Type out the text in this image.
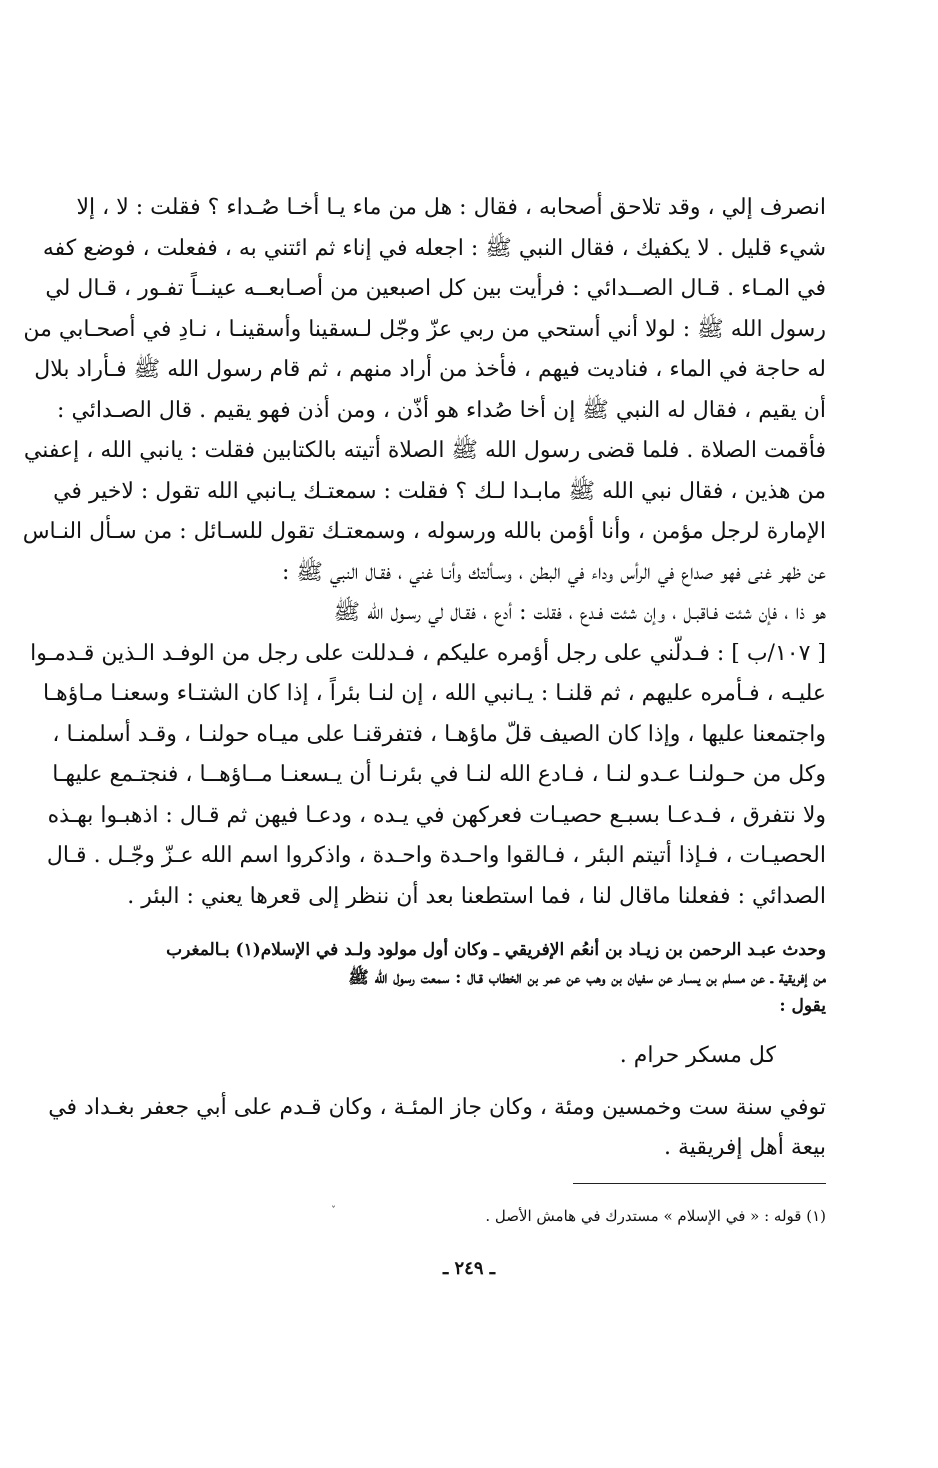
انصرف إلي ، وقد تلاحق أصحابه ، فقال : هل من ماء يـا أخـا صُـداء ؟ فقلت : لا ، إلا
شيء قليل . لا يكفيك ، فقال النبي ﷺ : اجعله في إناء ثم ائتني به ، ففعلت ، فوضع كفه
في المـاء . قـال الصــدائي : فرأيت بين كل اصبعين من أصـابعــه عينــاً تفـور ، قـال لي
رسول الله ﷺ : لولا أني أستحي من ربي عزّ وجّل لـسقينا وأسقينـا ، نـادِ في أصحـابي من
له حاجة في الماء ، فناديت فيهم ، فأخذ من أراد منهم ، ثم قام رسول الله ﷺ فـأراد بلال
أن يقيم ، فقال له النبي ﷺ إن أخا صُداء هو أذّن ، ومن أذن فهو يقيم . قال الصـدائي :
فأقمت الصلاة . فلما قضى رسول الله ﷺ الصلاة أتيته بالكتابين فقلت : يانبي الله ، إعفني
من هذين ، فقال نبي الله ﷺ مابـدا لـك ؟ فقلت : سمعتـك يـانبي الله تقول : لاخير في
الإمارة لرجل مؤمن ، وأنا أؤمن بالله ورسوله ، وسمعتـك تقول للسـائل : من سـأل النـاس
عن ظهر غنى فهو صداع في الرأس وداء في البطن ، وسـألتك وأنـا غني ، فقـال النبي ﷺ :
هو ذا ، فإن شئت فـاقبـل ، وإن شئت فـدع ، فقلت : أدع ، فقـال لي رسـول الله ﷺ
[ ١٠٧/ب ] : فـدلّني على رجل أؤمره عليكم ، فـدللت على رجل من الوفـد الـذين قـدمـوا
عليـه ، فـأمره عليهم ، ثم قلنـا : يـانبي الله ، إن لنـا بئراً ، إذا كان الشتـاء وسعنـا مـاؤهـا
واجتمعنا عليها ، وإذا كان الصيف قلّ ماؤهـا ، فتفرقنـا على ميـاه حولنـا ، وقـد أسلمنـا ،
وكل من حـولنـا عـدو لنـا ، فـادع الله لنـا في بئرنـا أن يـسعنـا مــاؤهــا ، فنجتـمع عليهـا
ولا نتفرق ، فـدعـا بسبـع حصيـات فعركهن في يـده ، ودعـا فيهن ثم قـال : اذهبـوا بهـذه
الحصيـات ، فـإذا أتيتم البئر ، فـالقوا واحـدة واحـدة ، واذكروا اسم الله عـزّ وجّـل . قـال
الصدائي : ففعلنا ماقال لنا ، فما استطعنا بعد أن ننظر إلى قعرها يعني : البئر .
وحدث عبـد الرحمن بن زيـاد بن أنعُم الإفريقي ـ وكان أول مولود ولـد في الإسلام(١) بـالمغرب
من إفريقية ـ عن مسلم بن يسـار عن سفيان بن وهب عن عمر بن الخطاب قـال : سمعت رسول الله ﷺ
يقول :
كل مسكر حرام .
توفي سنة ست وخمسين ومئة ، وكان جاز المئـة ، وكان قـدم على أبي جعفر بغـداد في
بيعة أهل إفريقية .
ˇ	(١) قوله : « في الإسلام » مستدرك في هامش الأصل .
ـ ٢٤٩ ـ
